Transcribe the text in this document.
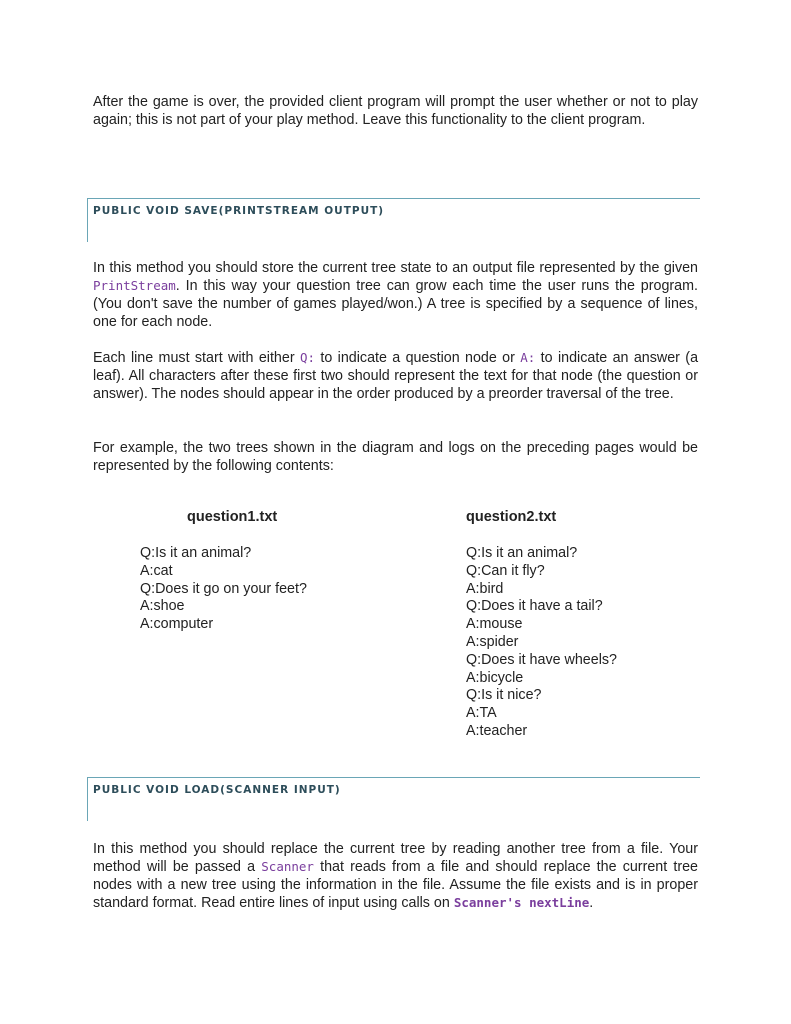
After the game is over, the provided client program will prompt the user whether or not to play again; this is not part of your play method. Leave this functionality to the client program.

PUBLIC VOID SAVE(PRINTSTREAM OUTPUT)

In this method you should store the current tree state to an output file represented by the given PrintStream. In this way your question tree can grow each time the user runs the program. (You don't save the number of games played/won.) A tree is specified by a sequence of lines, one for each node.

Each line must start with either Q: to indicate a question node or A: to indicate an answer (a leaf). All characters after these first two should represent the text for that node (the question or answer). The nodes should appear in the order produced by a preorder traversal of the tree.

For example, the two trees shown in the diagram and logs on the preceding pages would be represented by the following contents:

question1.txt
Q:Is it an animal?
A:cat
Q:Does it go on your feet?
A:shoe
A:computer
question2.txt
Q:Is it an animal?
Q:Can it fly?
A:bird
Q:Does it have a tail?
A:mouse
A:spider
Q:Does it have wheels?
A:bicycle
Q:Is it nice?
A:TA
A:teacher

PUBLIC VOID LOAD(SCANNER INPUT)

In this method you should replace the current tree by reading another tree from a file. Your method will be passed a Scanner that reads from a file and should replace the current tree nodes with a new tree using the information in the file. Assume the file exists and is in proper standard format. Read entire lines of input using calls on Scanner's nextLine.
